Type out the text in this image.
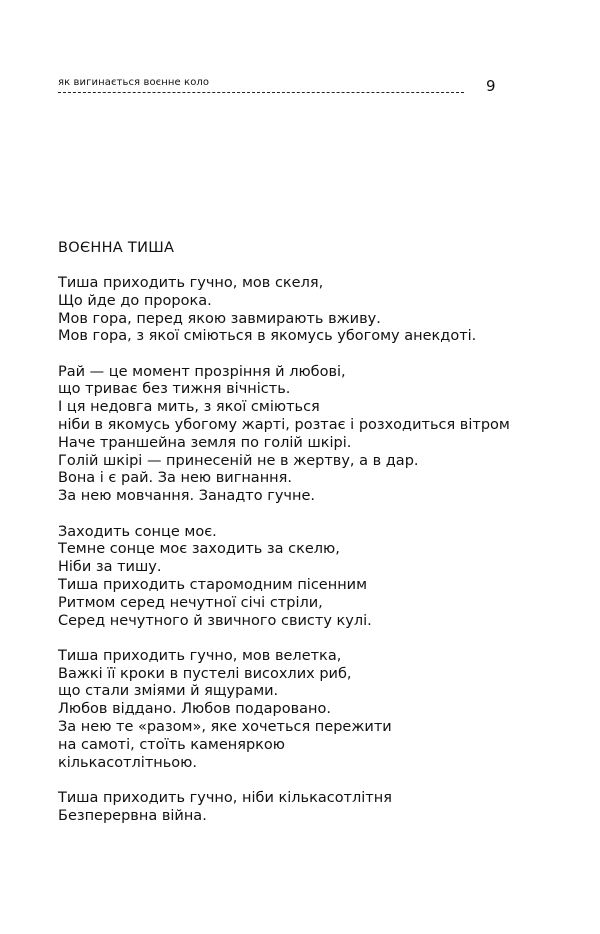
як вигинається воєнне коло	9
ВОЄННА ТИША
Тиша приходить гучно, мов скеля,
Що йде до пророка.
Мов гора, перед якою завмирають вживу.
Мов гора, з якої сміються в якомусь убогому анекдоті.
Рай — це момент прозріння й любові,
що триває без тижня вічність.
І ця недовга мить, з якої сміються
ніби в якомусь убогому жарті, розтає і розходиться вітром
Наче траншейна земля по голій шкірі.
Голій шкірі — принесеній не в жертву, а в дар.
Вона і є рай. За нею вигнання.
За нею мовчання. Занадто гучне.
Заходить сонце моє.
Темне сонце моє заходить за скелю,
Ніби за тишу.
Тиша приходить старомодним пісенним
Ритмом серед нечутної січі стріли,
Серед нечутного й звичного свисту кулі.
Тиша приходить гучно, мов велетка,
Важкі її кроки в пустелі висохлих риб,
що стали зміями й ящурами.
Любов віддано. Любов подаровано.
За нею те «разом», яке хочеться пережити
на самоті, стоїть каменяркою
кількасотлітньою.
Тиша приходить гучно, ніби кількасотлітня
Безперервна війна.
